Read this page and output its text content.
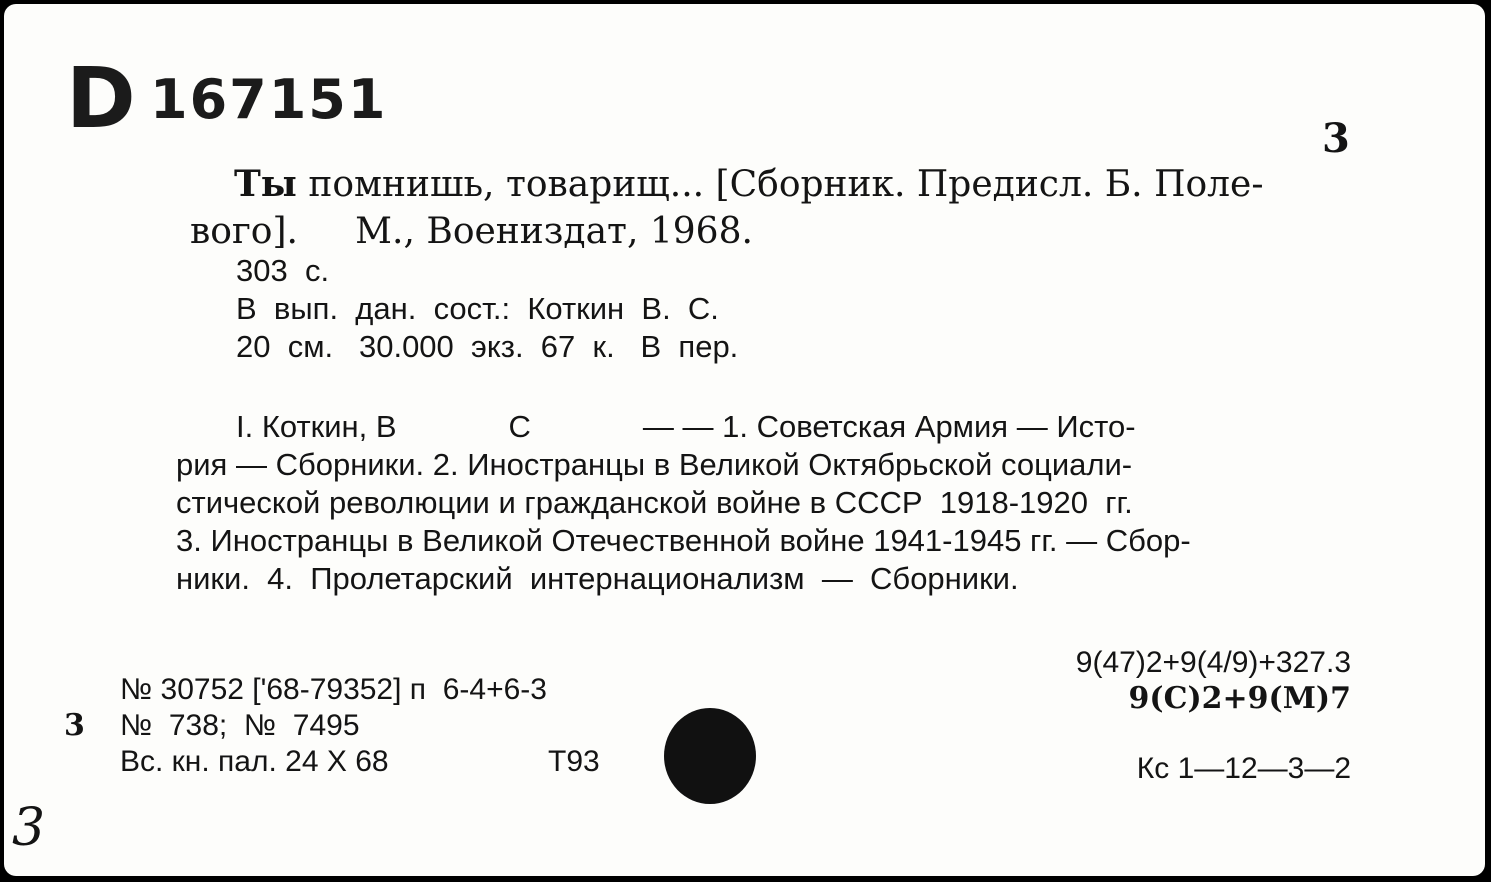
D 167151
3
Ты помнишь, товарищ... [Сборник. Предисл. Б. Поле-
вого].     М., Воениздат, 1968.
303  с.
В  вып.  дан.  сост.:  Коткин  В.  С.
20  см.   30.000  экз.  67  к.   В  пер.
I. Коткин, В             С             — — 1. Советская Армия — Исто-
рия — Сборники. 2. Иностранцы в Великой Октябрьской социали-
стической революции и гражданской войне в СССР  1918-1920  гг.
3. Иностранцы в Великой Отечественной войне 1941-1945 гг. — Сбор-
ники.  4.  Пролетарский  интернационализм  —  Сборники.
№ 30752 ['68-79352] п  6-4+6-3
3 №  738;  №  7495
Вс. кн. пал. 24 Х 68	Т93
9(47)2+9(4/9)+327.3
9(С)2+9(М)7
Кс 1—12—3—2
3
